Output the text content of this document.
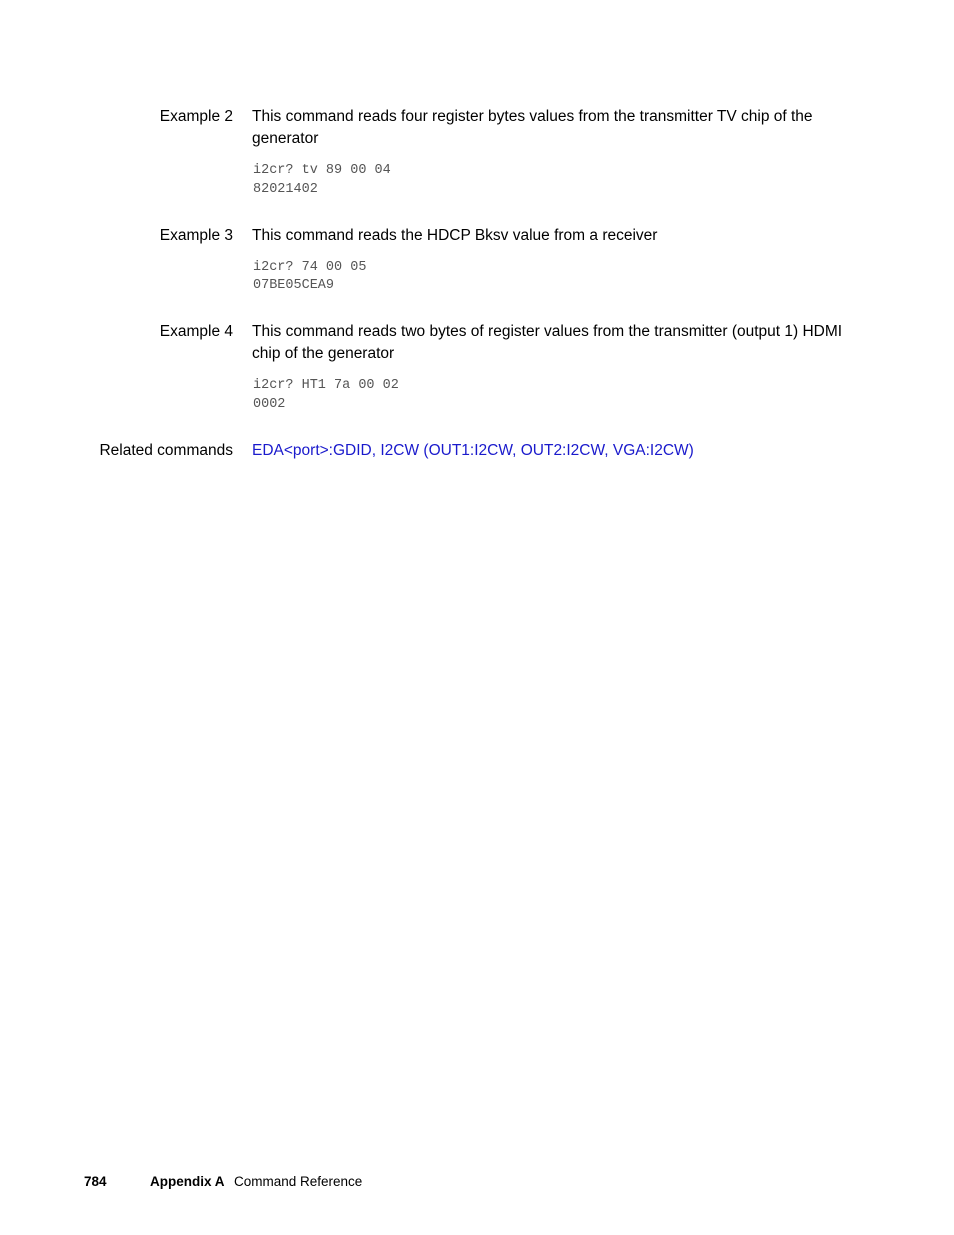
Example 2 This command reads four register bytes values from the transmitter TV chip of the generator
i2cr? tv 89 00 04
82021402
Example 3 This command reads the HDCP Bksv value from a receiver
i2cr? 74 00 05
07BE05CEA9
Example 4 This command reads two bytes of register values from the transmitter (output 1) HDMI chip of the generator
i2cr? HT1 7a 00 02
0002
Related commands EDA<port>:GDID, I2CW (OUT1:I2CW, OUT2:I2CW, VGA:I2CW)
784	Appendix A Command Reference
